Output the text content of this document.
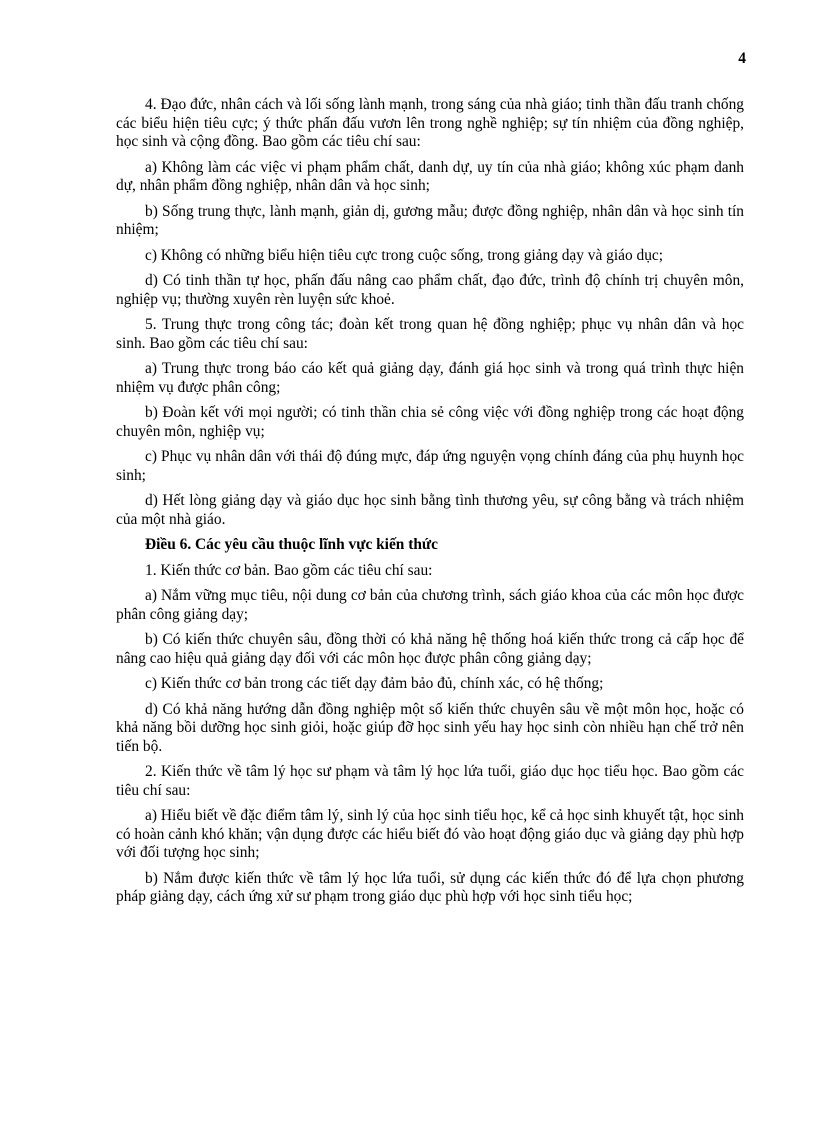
4

4. Đạo đức, nhân cách và lối sống lành mạnh, trong sáng của nhà giáo; tinh thần đấu tranh chống các biểu hiện tiêu cực; ý thức phấn đấu vươn lên trong nghề nghiệp; sự tín nhiệm của đồng nghiệp, học sinh và cộng đồng. Bao gồm các tiêu chí sau:

a) Không làm các việc vi phạm phẩm chất, danh dự, uy tín của nhà giáo; không xúc phạm danh dự, nhân phẩm đồng nghiệp, nhân dân và học sinh;

b) Sống trung thực, lành mạnh, giản dị, gương mẫu; được đồng nghiệp, nhân dân và học sinh tín nhiệm;

c) Không có những biểu hiện tiêu cực trong cuộc sống, trong giảng dạy và giáo dục;

d) Có tinh thần tự học, phấn đấu nâng cao phẩm chất, đạo đức, trình độ chính trị chuyên môn, nghiệp vụ; thường xuyên rèn luyện sức khoẻ.

5. Trung thực trong công tác; đoàn kết trong quan hệ đồng nghiệp; phục vụ nhân dân và học sinh. Bao gồm các tiêu chí sau:

a) Trung thực trong báo cáo kết quả giảng dạy, đánh giá học sinh và trong quá trình thực hiện nhiệm vụ được phân công;

b) Đoàn kết với mọi người; có tinh thần chia sẻ công việc với đồng nghiệp trong các hoạt động chuyên môn, nghiệp vụ;

c) Phục vụ nhân dân với thái độ đúng mực, đáp ứng nguyện vọng chính đáng của phụ huynh học sinh;

d) Hết lòng giảng dạy và giáo dục học sinh bằng tình thương yêu, sự công bằng và trách nhiệm của một nhà giáo.

Điều 6. Các yêu cầu thuộc lĩnh vực kiến thức

1. Kiến thức cơ bản. Bao gồm các tiêu chí sau:

a) Nắm vững mục tiêu, nội dung cơ bản của chương trình, sách giáo khoa của các môn học được phân công giảng dạy;

b) Có kiến thức chuyên sâu, đồng thời có khả năng hệ thống hoá kiến thức trong cả cấp học để nâng cao hiệu quả giảng dạy đối với các môn học được phân công giảng dạy;

c) Kiến thức cơ bản trong các tiết dạy đảm bảo đủ, chính xác, có hệ thống;

d) Có khả năng hướng dẫn đồng nghiệp một số kiến thức chuyên sâu về một môn học, hoặc có khả năng bồi dưỡng học sinh giỏi, hoặc giúp đỡ học sinh yếu hay học sinh còn nhiều hạn chế trở nên tiến bộ.

2. Kiến thức về tâm lý học sư phạm và tâm lý học lứa tuổi, giáo dục học tiểu học. Bao gồm các tiêu chí sau:

a) Hiểu biết về đặc điểm tâm lý, sinh lý của học sinh tiểu học, kể cả học sinh khuyết tật, học sinh có hoàn cảnh khó khăn; vận dụng được các hiểu biết đó vào hoạt động giáo dục và giảng dạy phù hợp với đối tượng học sinh;

b) Nắm được kiến thức về tâm lý học lứa tuổi, sử dụng các kiến thức đó để lựa chọn phương pháp giảng dạy, cách ứng xử sư phạm trong giáo dục phù hợp với học sinh tiểu học;
